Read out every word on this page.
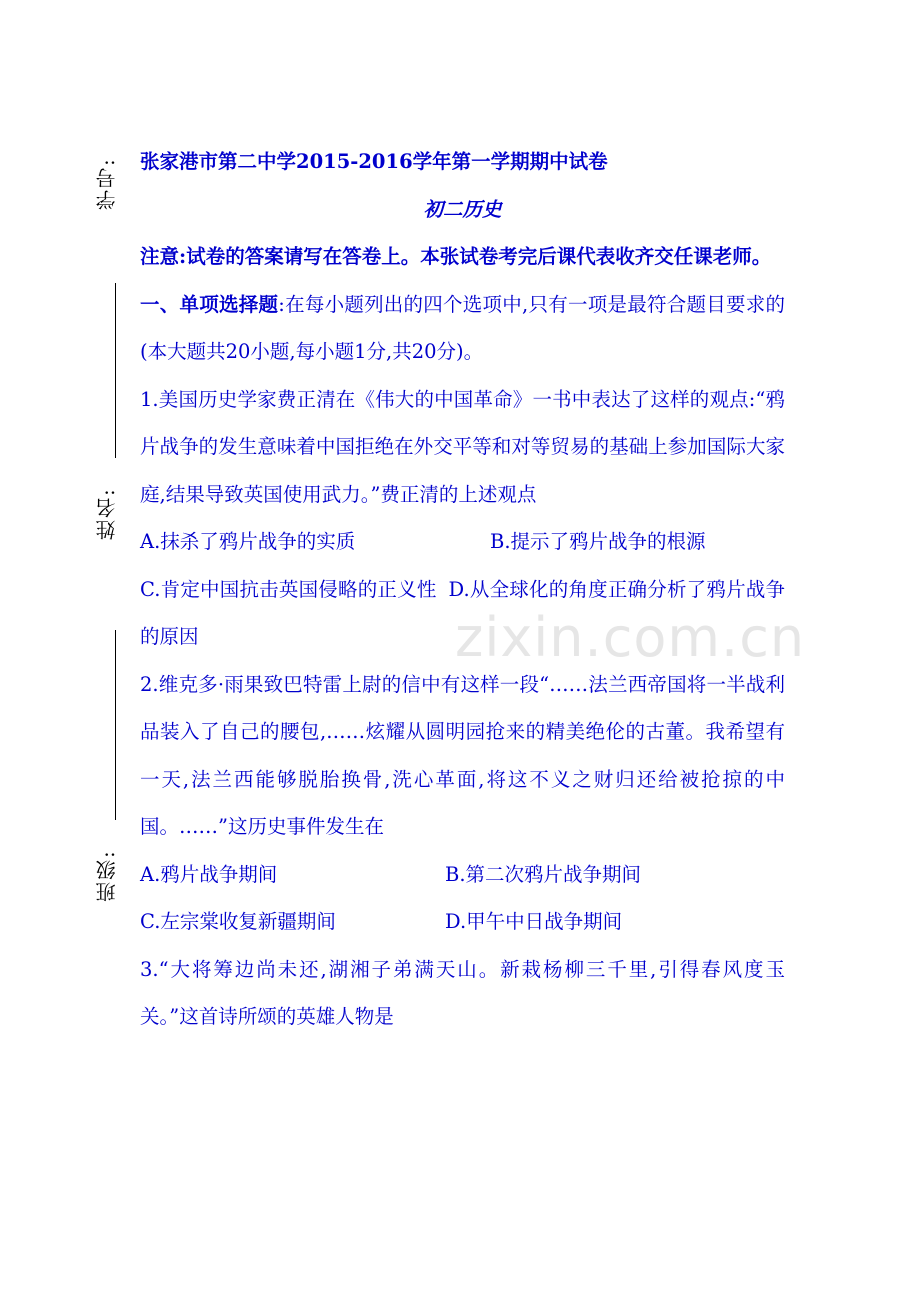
学号:
姓名:
班级:
zixin.com.cn

张家港市第二中学2015-2016学年第一学期期中试卷

初二历史

注意:试卷的答案请写在答卷上。本张试卷考完后课代表收齐交任课老师。

一、单项选择题:在每小题列出的四个选项中,只有一项是最符合题目要求的(本大题共20小题,每小题1分,共20分)。

1.美国历史学家费正清在《伟大的中国革命》一书中表达了这样的观点:“鸦片战争的发生意味着中国拒绝在外交平等和对等贸易的基础上参加国际大家庭,结果导致英国使用武力。”费正清的上述观点

A.抹杀了鸦片战争的实质	B.提示了鸦片战争的根源

C.肯定中国抗击英国侵略的正义性 D.从全球化的角度正确分析了鸦片战争的原因

2.维克多·雨果致巴特雷上尉的信中有这样一段“……法兰西帝国将一半战利品装入了自己的腰包,……炫耀从圆明园抢来的精美绝伦的古董。我希望有一天,法兰西能够脱胎换骨,洗心革面,将这不义之财归还给被抢掠的中国。……”这历史事件发生在

A.鸦片战争期间	B.第二次鸦片战争期间
C.左宗棠收复新疆期间	D.甲午中日战争期间

3.“大将筹边尚未还,湖湘子弟满天山。新栽杨柳三千里,引得春风度玉关。”这首诗所颂的英雄人物是
